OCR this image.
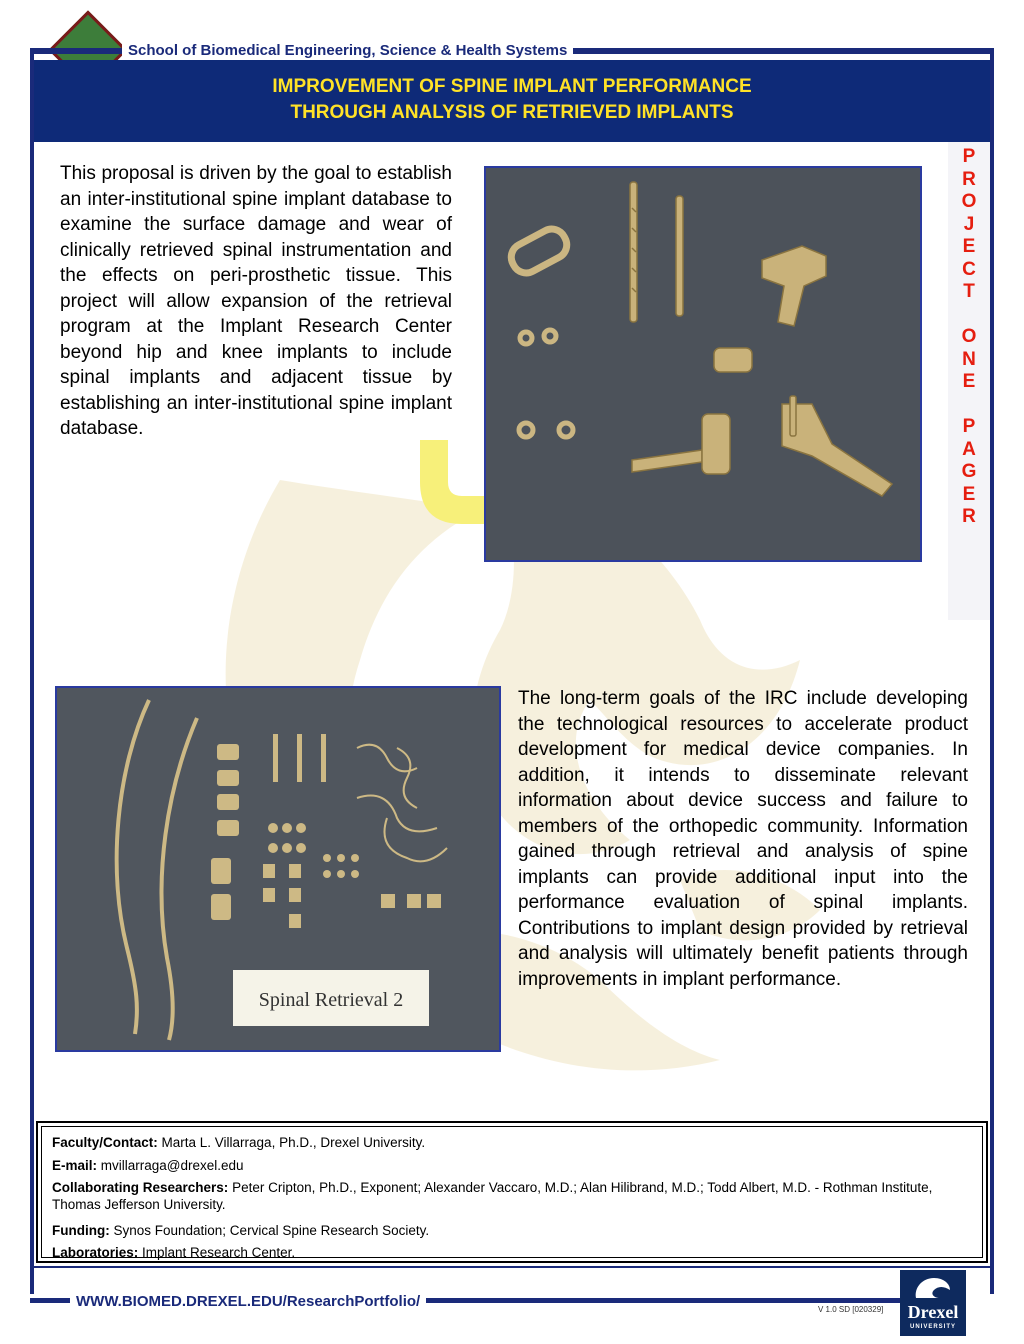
IMPROVEMENT OF SPINE IMPLANT PERFORMANCE
THROUGH ANALYSIS OF RETRIEVED IMPLANTS
School of Biomedical Engineering, Science & Health Systems
P
R
O
J
E
C
T

O
N
E

P
A
G
E
R
This proposal is driven by the goal to establish an inter-institutional spine implant database to examine the surface damage and wear of clinically retrieved spinal instrumentation and the effects on peri-prosthetic tissue. This project will allow expansion of the retrieval program at the Implant Research Center beyond hip and knee implants to include spinal implants and adjacent tissue by establishing an inter-institutional spine implant database.
Spinal Retrieval 2
The long-term goals of the IRC include developing the technological resources to accelerate product development for medical device companies. In addition, it intends to disseminate relevant information about device success and failure to members of the orthopedic community. Information gained through retrieval and analysis of spine implants can provide additional input into the performance evaluation of spinal implants. Contributions to implant design provided by retrieval and analysis will ultimately benefit patients through improvements in implant performance.
Faculty/Contact: Marta L. Villarraga, Ph.D., Drexel University.
E-mail: mvillarraga@drexel.edu
Collaborating Researchers: Peter Cripton, Ph.D., Exponent; Alexander Vaccaro, M.D.; Alan Hilibrand, M.D.; Todd Albert, M.D. - Rothman Institute, Thomas Jefferson University.
Funding: Synos Foundation; Cervical Spine Research Society.
Laboratories: Implant Research Center.
WWW.BIOMED.DREXEL.EDU/ResearchPortfolio/	V 1.0 SD [020329]	Drexel
UNIVERSITY
